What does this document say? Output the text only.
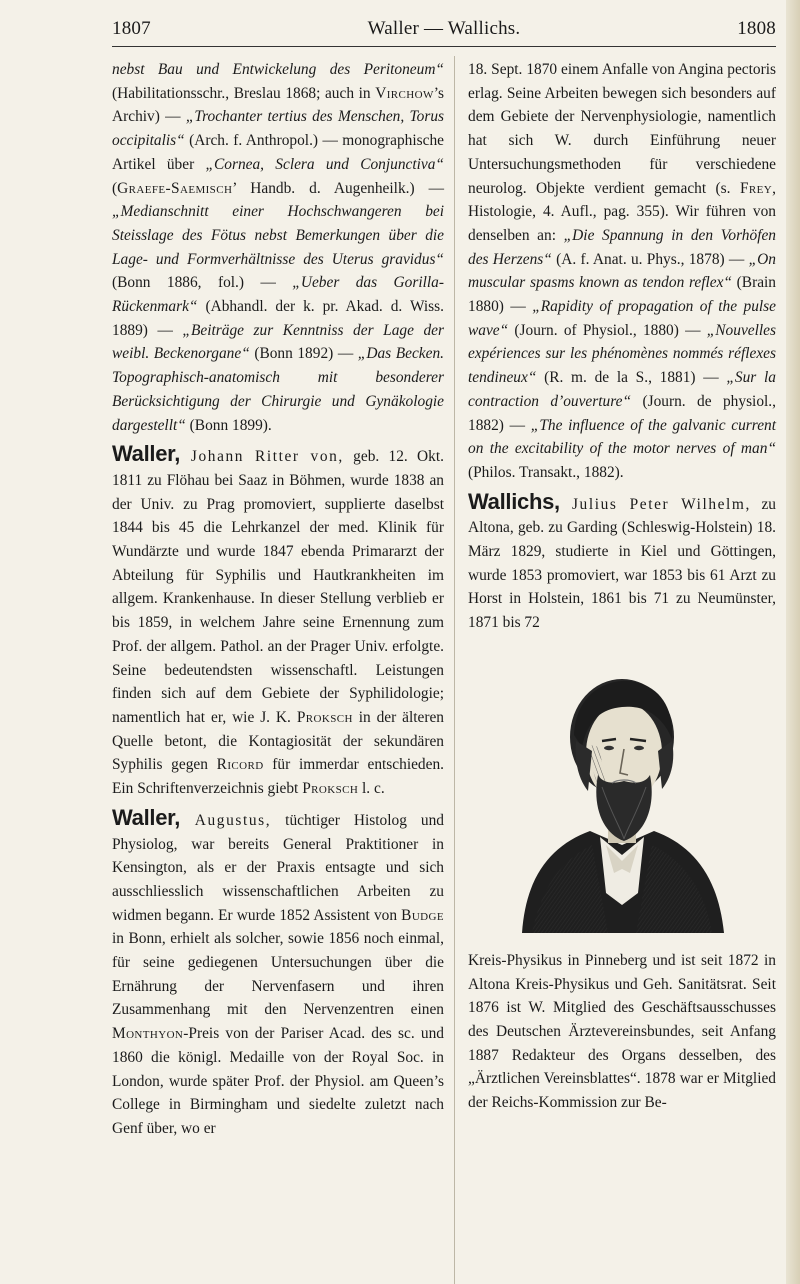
1807	Waller — Wallichs.	1808

nebst Bau und Entwickelung des Peritoneum“ (Habilitationsschr., Breslau 1868; auch in Virchow’s Archiv) — „Trochanter tertius des Menschen, Torus occipitalis“ (Arch. f. Anthropol.) — monographische Artikel über „Cornea, Sclera und Conjunctiva“ (Graefe-Saemisch’ Handb. d. Augenheilk.) — „Medianschnitt einer Hochschwangeren bei Steisslage des Fötus nebst Bemerkungen über die Lage- und Formverhältnisse des Uterus gravidus“ (Bonn 1886, fol.) — „Ueber das Gorilla-Rückenmark“ (Abhandl. der k. pr. Akad. d. Wiss. 1889) — „Beiträge zur Kenntniss der Lage der weibl. Beckenorgane“ (Bonn 1892) — „Das Becken. Topographisch-anatomisch mit besonderer Berücksichtigung der Chirurgie und Gynäkologie dargestellt“ (Bonn 1899).

Waller, Johann Ritter von, geb. 12. Okt. 1811 zu Flöhau bei Saaz in Böhmen, wurde 1838 an der Univ. zu Prag promoviert, supplierte daselbst 1844 bis 45 die Lehrkanzel der med. Klinik für Wundärzte und wurde 1847 ebenda Primararzt der Abteilung für Syphilis und Hautkrankheiten im allgem. Krankenhause. In dieser Stellung verblieb er bis 1859, in welchem Jahre seine Ernennung zum Prof. der allgem. Pathol. an der Prager Univ. erfolgte. Seine bedeutendsten wissenschaftl. Leistungen finden sich auf dem Gebiete der Syphilidologie; namentlich hat er, wie J. K. Proksch in der älteren Quelle betont, die Kontagiosität der sekundären Syphilis gegen Ricord für immerdar entschieden. Ein Schriftenverzeichnis giebt Proksch l. c.

Waller, Augustus, tüchtiger Histolog und Physiolog, war bereits General Praktitioner in Kensington, als er der Praxis entsagte und sich ausschliesslich wissenschaftlichen Arbeiten zu widmen begann. Er wurde 1852 Assistent von Budge in Bonn, erhielt als solcher, sowie 1856 noch einmal, für seine gediegenen Untersuchungen über die Ernährung der Nervenfasern und ihren Zusammenhang mit den Nervenzentren einen Monthyon-Preis von der Pariser Acad. des sc. und 1860 die königl. Medaille von der Royal Soc. in London, wurde später Prof. der Physiol. am Queen’s College in Birmingham und siedelte zuletzt nach Genf über, wo er

18. Sept. 1870 einem Anfalle von Angina pectoris erlag. Seine Arbeiten bewegen sich besonders auf dem Gebiete der Nervenphysiologie, namentlich hat sich W. durch Einführung neuer Untersuchungsmethoden für verschiedene neurolog. Objekte verdient gemacht (s. Frey, Histologie, 4. Aufl., pag. 355). Wir führen von denselben an: „Die Spannung in den Vorhöfen des Herzens“ (A. f. Anat. u. Phys., 1878) — „On muscular spasms known as tendon reflex“ (Brain 1880) — „Rapidity of propagation of the pulse wave“ (Journ. of Physiol., 1880) — „Nouvelles expériences sur les phénomènes nommés réflexes tendineux“ (R. m. de la S., 1881) — „Sur la contraction d’ouverture“ (Journ. de physiol., 1882) — „The influence of the galvanic current on the excitability of the motor nerves of man“ (Philos. Transakt., 1882).

Wallichs, Julius Peter Wilhelm, zu Altona, geb. zu Garding (Schleswig-Holstein) 18. März 1829, studierte in Kiel und Göttingen, wurde 1853 promoviert, war 1853 bis 61 Arzt zu Horst in Holstein, 1861 bis 71 zu Neumünster, 1871 bis 72

Kreis-Physikus in Pinneberg und ist seit 1872 in Altona Kreis-Physikus und Geh. Sanitätsrat. Seit 1876 ist W. Mitglied des Geschäftsausschusses des Deutschen Ärztevereinsbundes, seit Anfang 1887 Redakteur des Organs desselben, des „Ärztlichen Vereinsblattes“. 1878 war er Mitglied der Reichs-Kommission zur Be-
